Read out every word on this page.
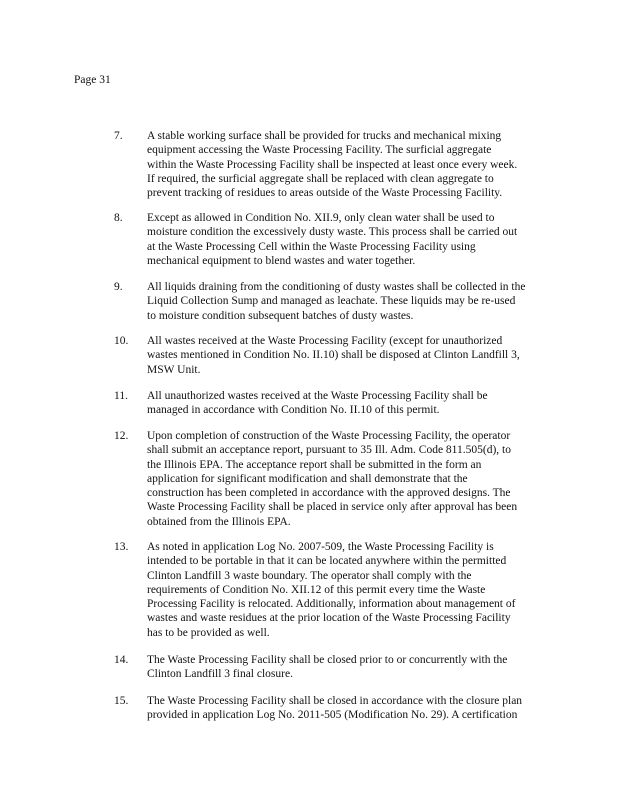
Page 31
7. A stable working surface shall be provided for trucks and mechanical mixing
equipment accessing the Waste Processing Facility. The surficial aggregate
within the Waste Processing Facility shall be inspected at least once every week.
If required, the surficial aggregate shall be replaced with clean aggregate to
prevent tracking of residues to areas outside of the Waste Processing Facility.
8. Except as allowed in Condition No. XII.9, only clean water shall be used to
moisture condition the excessively dusty waste. This process shall be carried out
at the Waste Processing Cell within the Waste Processing Facility using
mechanical equipment to blend wastes and water together.
9. All liquids draining from the conditioning of dusty wastes shall be collected in the
Liquid Collection Sump and managed as leachate. These liquids may be re-used
to moisture condition subsequent batches of dusty wastes.
10. All wastes received at the Waste Processing Facility (except for unauthorized
wastes mentioned in Condition No. II.10) shall be disposed at Clinton Landfill 3,
MSW Unit.
11. All unauthorized wastes received at the Waste Processing Facility shall be
managed in accordance with Condition No. II.10 of this permit.
12. Upon completion of construction of the Waste Processing Facility, the operator
shall submit an acceptance report, pursuant to 35 Ill. Adm. Code 811.505(d), to
the Illinois EPA. The acceptance report shall be submitted in the form an
application for significant modification and shall demonstrate that the
construction has been completed in accordance with the approved designs. The
Waste Processing Facility shall be placed in service only after approval has been
obtained from the Illinois EPA.
13. As noted in application Log No. 2007-509, the Waste Processing Facility is
intended to be portable in that it can be located anywhere within the permitted
Clinton Landfill 3 waste boundary. The operator shall comply with the
requirements of Condition No. XII.12 of this permit every time the Waste
Processing Facility is relocated. Additionally, information about management of
wastes and waste residues at the prior location of the Waste Processing Facility
has to be provided as well.
14. The Waste Processing Facility shall be closed prior to or concurrently with the
Clinton Landfill 3 final closure.
15. The Waste Processing Facility shall be closed in accordance with the closure plan
provided in application Log No. 2011-505 (Modification No. 29). A certification
